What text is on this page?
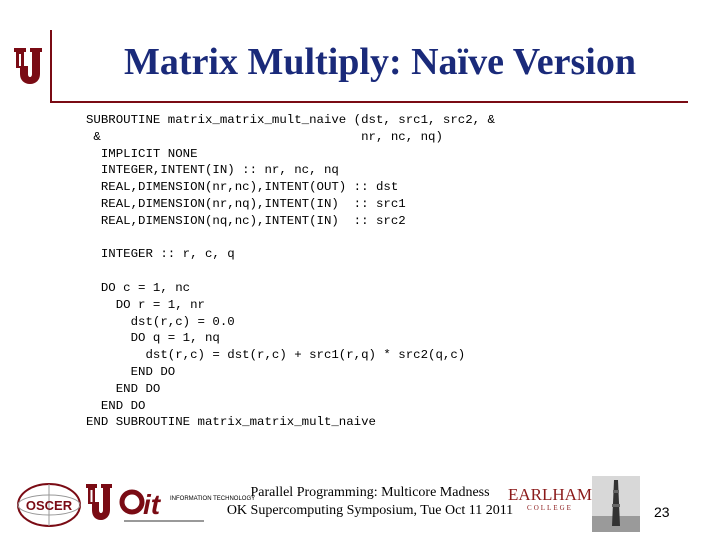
Matrix Multiply: Naïve Version
SUBROUTINE matrix_matrix_mult_naive (dst, src1, src2, &
&                                   nr, nc, nq)
IMPLICIT NONE
INTEGER,INTENT(IN) :: nr, nc, nq
REAL,DIMENSION(nr,nc),INTENT(OUT) :: dst
REAL,DIMENSION(nr,nq),INTENT(IN)  :: src1
REAL,DIMENSION(nq,nc),INTENT(IN)  :: src2

INTEGER :: r, c, q

DO c = 1, nc
DO r = 1, nr
dst(r,c) = 0.0
DO q = 1, nq
dst(r,c) = dst(r,c) + src1(r,q) * src2(q,c)
END DO
END DO
END DO
END SUBROUTINE matrix_matrix_mult_naive
OSCER	it INFORMATION TECHNOLOGY
Parallel Programming: Multicore Madness
OK Supercomputing Symposium, Tue Oct 11 2011
EARLHAM
COLLEGE	23
